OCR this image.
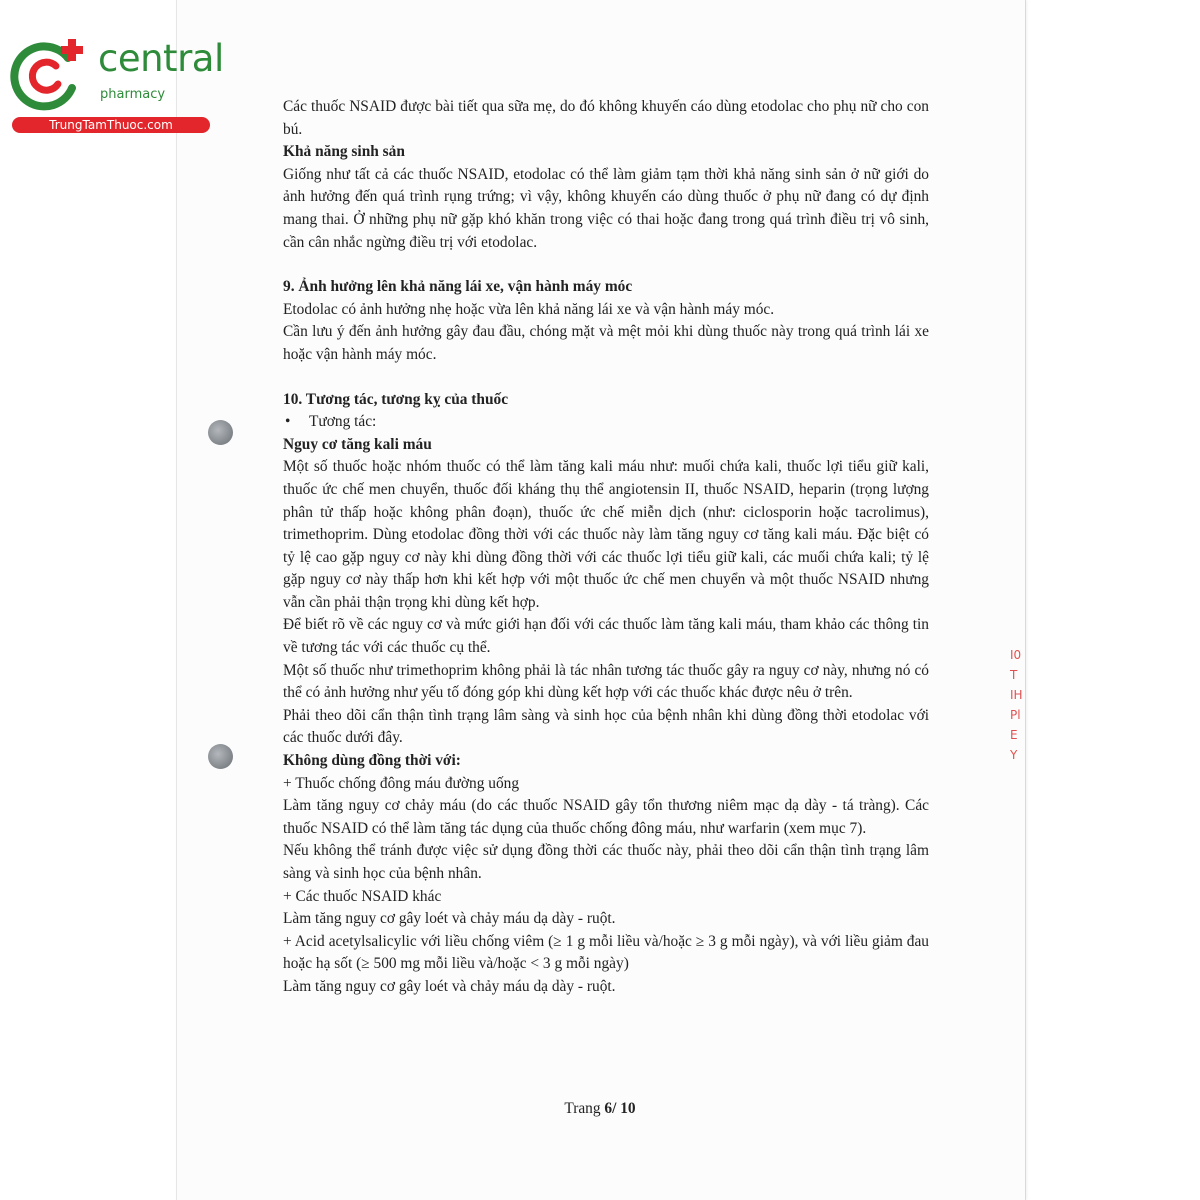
central
pharmacy
TrungTamThuoc.com

Các thuốc NSAID được bài tiết qua sữa mẹ, do đó không khuyến cáo dùng etodolac cho phụ nữ cho con bú.

Khả năng sinh sản

Giống như tất cả các thuốc NSAID, etodolac có thể làm giảm tạm thời khả năng sinh sản ở nữ giới do ảnh hưởng đến quá trình rụng trứng; vì vậy, không khuyến cáo dùng thuốc ở phụ nữ đang có dự định mang thai. Ở những phụ nữ gặp khó khăn trong việc có thai hoặc đang trong quá trình điều trị vô sinh, cần cân nhắc ngừng điều trị với etodolac.

9. Ảnh hưởng lên khả năng lái xe, vận hành máy móc

Etodolac có ảnh hưởng nhẹ hoặc vừa lên khả năng lái xe và vận hành máy móc.

Cần lưu ý đến ảnh hưởng gây đau đầu, chóng mặt và mệt mỏi khi dùng thuốc này trong quá trình lái xe hoặc vận hành máy móc.

10. Tương tác, tương kỵ của thuốc

• Tương tác:

Nguy cơ tăng kali máu

Một số thuốc hoặc nhóm thuốc có thể làm tăng kali máu như: muối chứa kali, thuốc lợi tiểu giữ kali, thuốc ức chế men chuyển, thuốc đối kháng thụ thể angiotensin II, thuốc NSAID, heparin (trọng lượng phân tử thấp hoặc không phân đoạn), thuốc ức chế miễn dịch (như: ciclosporin hoặc tacrolimus), trimethoprim. Dùng etodolac đồng thời với các thuốc này làm tăng nguy cơ tăng kali máu. Đặc biệt có tỷ lệ cao gặp nguy cơ này khi dùng đồng thời với các thuốc lợi tiểu giữ kali, các muối chứa kali; tỷ lệ gặp nguy cơ này thấp hơn khi kết hợp với một thuốc ức chế men chuyển và một thuốc NSAID nhưng vẫn cần phải thận trọng khi dùng kết hợp.

Để biết rõ về các nguy cơ và mức giới hạn đối với các thuốc làm tăng kali máu, tham khảo các thông tin về tương tác với các thuốc cụ thể.

Một số thuốc như trimethoprim không phải là tác nhân tương tác thuốc gây ra nguy cơ này, nhưng nó có thể có ảnh hưởng như yếu tố đóng góp khi dùng kết hợp với các thuốc khác được nêu ở trên.

Phải theo dõi cẩn thận tình trạng lâm sàng và sinh học của bệnh nhân khi dùng đồng thời etodolac với các thuốc dưới đây.

Không dùng đồng thời với:

+ Thuốc chống đông máu đường uống

Làm tăng nguy cơ chảy máu (do các thuốc NSAID gây tổn thương niêm mạc dạ dày - tá tràng). Các thuốc NSAID có thể làm tăng tác dụng của thuốc chống đông máu, như warfarin (xem mục 7).

Nếu không thể tránh được việc sử dụng đồng thời các thuốc này, phải theo dõi cẩn thận tình trạng lâm sàng và sinh học của bệnh nhân.

+ Các thuốc NSAID khác

Làm tăng nguy cơ gây loét và chảy máu dạ dày - ruột.

+ Acid acetylsalicylic với liều chống viêm (≥ 1 g mỗi liều và/hoặc ≥ 3 g mỗi ngày), và với liều giảm đau hoặc hạ sốt (≥ 500 mg mỗi liều và/hoặc < 3 g mỗi ngày)

Làm tăng nguy cơ gây loét và chảy máu dạ dày - ruột.

Trang 6/ 10
I0
T
IH
Pl
E
Y
